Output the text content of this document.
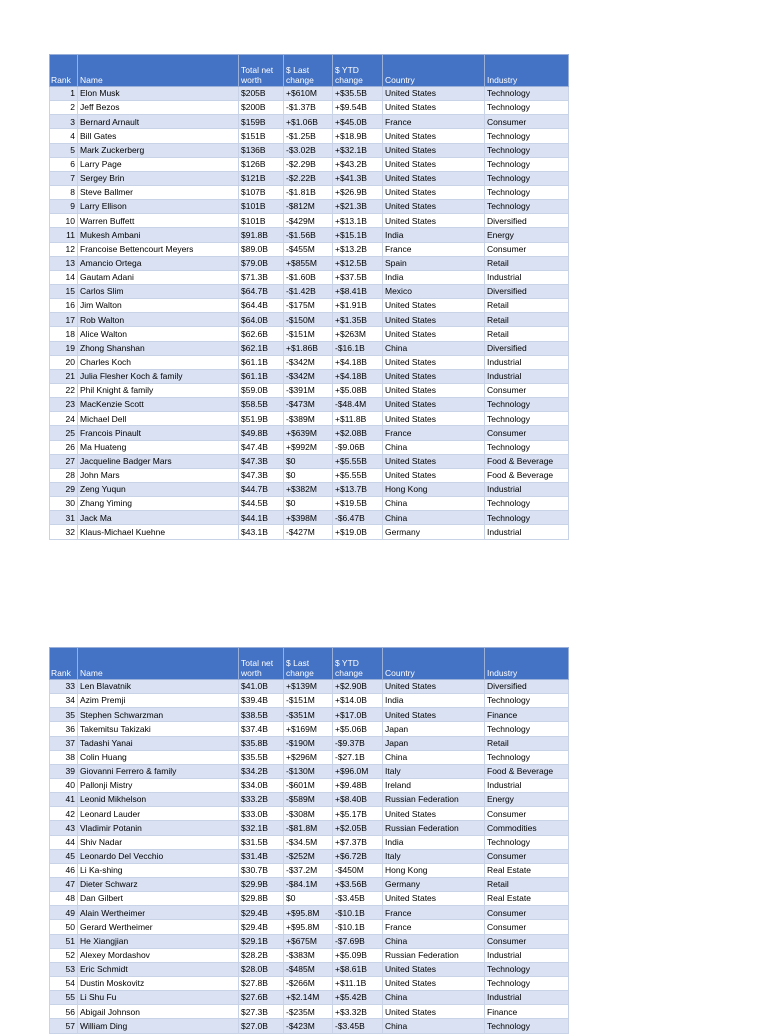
Rank	Name	Total net worth	$ Last change	$ YTD change	Country	Industry
1	Elon Musk	$205B	+$610M	+$35.5B	United States	Technology
2	Jeff Bezos	$200B	-$1.37B	+$9.54B	United States	Technology
3	Bernard Arnault	$159B	+$1.06B	+$45.0B	France	Consumer
4	Bill Gates	$151B	-$1.25B	+$18.9B	United States	Technology
5	Mark Zuckerberg	$136B	-$3.02B	+$32.1B	United States	Technology
6	Larry Page	$126B	-$2.29B	+$43.2B	United States	Technology
7	Sergey Brin	$121B	-$2.22B	+$41.3B	United States	Technology
8	Steve Ballmer	$107B	-$1.81B	+$26.9B	United States	Technology
9	Larry Ellison	$101B	-$812M	+$21.3B	United States	Technology
10	Warren Buffett	$101B	-$429M	+$13.1B	United States	Diversified
11	Mukesh Ambani	$91.8B	-$1.56B	+$15.1B	India	Energy
12	Francoise Bettencourt Meyers	$89.0B	-$455M	+$13.2B	France	Consumer
13	Amancio Ortega	$79.0B	+$855M	+$12.5B	Spain	Retail
14	Gautam Adani	$71.3B	-$1.60B	+$37.5B	India	Industrial
15	Carlos Slim	$64.7B	-$1.42B	+$8.41B	Mexico	Diversified
16	Jim Walton	$64.4B	-$175M	+$1.91B	United States	Retail
17	Rob Walton	$64.0B	-$150M	+$1.35B	United States	Retail
18	Alice Walton	$62.6B	-$151M	+$263M	United States	Retail
19	Zhong Shanshan	$62.1B	+$1.86B	-$16.1B	China	Diversified
20	Charles Koch	$61.1B	-$342M	+$4.18B	United States	Industrial
21	Julia Flesher Koch & family	$61.1B	-$342M	+$4.18B	United States	Industrial
22	Phil Knight & family	$59.0B	-$391M	+$5.08B	United States	Consumer
23	MacKenzie Scott	$58.5B	-$473M	-$48.4M	United States	Technology
24	Michael Dell	$51.9B	-$389M	+$11.8B	United States	Technology
25	Francois Pinault	$49.8B	+$639M	+$2.08B	France	Consumer
26	Ma Huateng	$47.4B	+$992M	-$9.06B	China	Technology
27	Jacqueline Badger Mars	$47.3B	$0	+$5.55B	United States	Food & Beverage
28	John Mars	$47.3B	$0	+$5.55B	United States	Food & Beverage
29	Zeng Yuqun	$44.7B	+$382M	+$13.7B	Hong Kong	Industrial
30	Zhang Yiming	$44.5B	$0	+$19.5B	China	Technology
31	Jack Ma	$44.1B	+$398M	-$6.47B	China	Technology
32	Klaus-Michael Kuehne	$43.1B	-$427M	+$19.0B	Germany	Industrial
Rank	Name	Total net worth	$ Last change	$ YTD change	Country	Industry
33	Len Blavatnik	$41.0B	+$139M	+$2.90B	United States	Diversified
34	Azim Premji	$39.4B	-$151M	+$14.0B	India	Technology
35	Stephen Schwarzman	$38.5B	-$351M	+$17.0B	United States	Finance
36	Takemitsu Takizaki	$37.4B	+$169M	+$5.06B	Japan	Technology
37	Tadashi Yanai	$35.8B	-$190M	-$9.37B	Japan	Retail
38	Colin Huang	$35.5B	+$296M	-$27.1B	China	Technology
39	Giovanni Ferrero & family	$34.2B	-$130M	+$96.0M	Italy	Food & Beverage
40	Pallonji Mistry	$34.0B	-$601M	+$9.48B	Ireland	Industrial
41	Leonid Mikhelson	$33.2B	-$589M	+$8.40B	Russian Federation	Energy
42	Leonard Lauder	$33.0B	-$308M	+$5.17B	United States	Consumer
43	Vladimir Potanin	$32.1B	-$81.8M	+$2.05B	Russian Federation	Commodities
44	Shiv Nadar	$31.5B	-$34.5M	+$7.37B	India	Technology
45	Leonardo Del Vecchio	$31.4B	-$252M	+$6.72B	Italy	Consumer
46	Li Ka-shing	$30.7B	-$37.2M	-$450M	Hong Kong	Real Estate
47	Dieter Schwarz	$29.9B	-$84.1M	+$3.56B	Germany	Retail
48	Dan Gilbert	$29.8B	$0	-$3.45B	United States	Real Estate
49	Alain Wertheimer	$29.4B	+$95.8M	-$10.1B	France	Consumer
50	Gerard Wertheimer	$29.4B	+$95.8M	-$10.1B	France	Consumer
51	He Xiangjian	$29.1B	+$675M	-$7.69B	China	Consumer
52	Alexey Mordashov	$28.2B	-$383M	+$5.09B	Russian Federation	Industrial
53	Eric Schmidt	$28.0B	-$485M	+$8.61B	United States	Technology
54	Dustin Moskovitz	$27.8B	-$266M	+$11.1B	United States	Technology
55	Li Shu Fu	$27.6B	+$2.14M	+$5.42B	China	Industrial
56	Abigail Johnson	$27.3B	-$235M	+$3.32B	United States	Finance
57	William Ding	$27.0B	-$423M	-$3.45B	China	Technology
